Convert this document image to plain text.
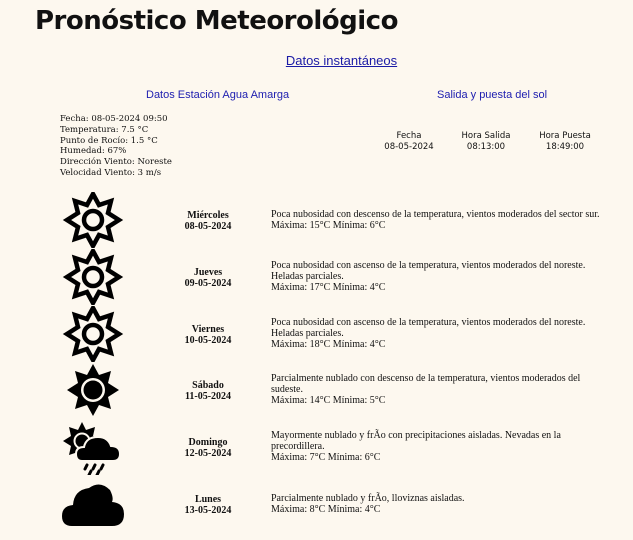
Pronóstico Meteorológico
Datos instantáneos
Datos Estación Agua Amarga	Salida y puesta del sol
Fecha: 08-05-2024 09:50
Temperatura: 7.5 °C
Punto de Rocío: 1.5 °C
Humedad: 67%
Dirección Viento: Noreste
Velocidad Viento: 3 m/s
Fecha
08-05-2024
Hora Salida
08:13:00
Hora Puesta
18:49:00
Miércoles
08-05-2024
Poca nubosidad con descenso de la temperatura, vientos moderados del sector sur.
Máxima: 15°C Mínima: 6°C
Jueves
09-05-2024
Poca nubosidad con ascenso de la temperatura, vientos moderados del noreste.
Heladas parciales.
Máxima: 17°C Mínima: 4°C
Viernes
10-05-2024
Poca nubosidad con ascenso de la temperatura, vientos moderados del noreste.
Heladas parciales.
Máxima: 18°C Mínima: 4°C
Sábado
11-05-2024
Parcialmente nublado con descenso de la temperatura, vientos moderados del
sudeste.
Máxima: 14°C Mínima: 5°C
Domingo
12-05-2024
Mayormente nublado y frÃo con precipitaciones aisladas. Nevadas en la
precordillera.
Máxima: 7°C Mínima: 6°C
Lunes
13-05-2024
Parcialmente nublado y frÃo, lloviznas aisladas.
Máxima: 8°C Mínima: 4°C
